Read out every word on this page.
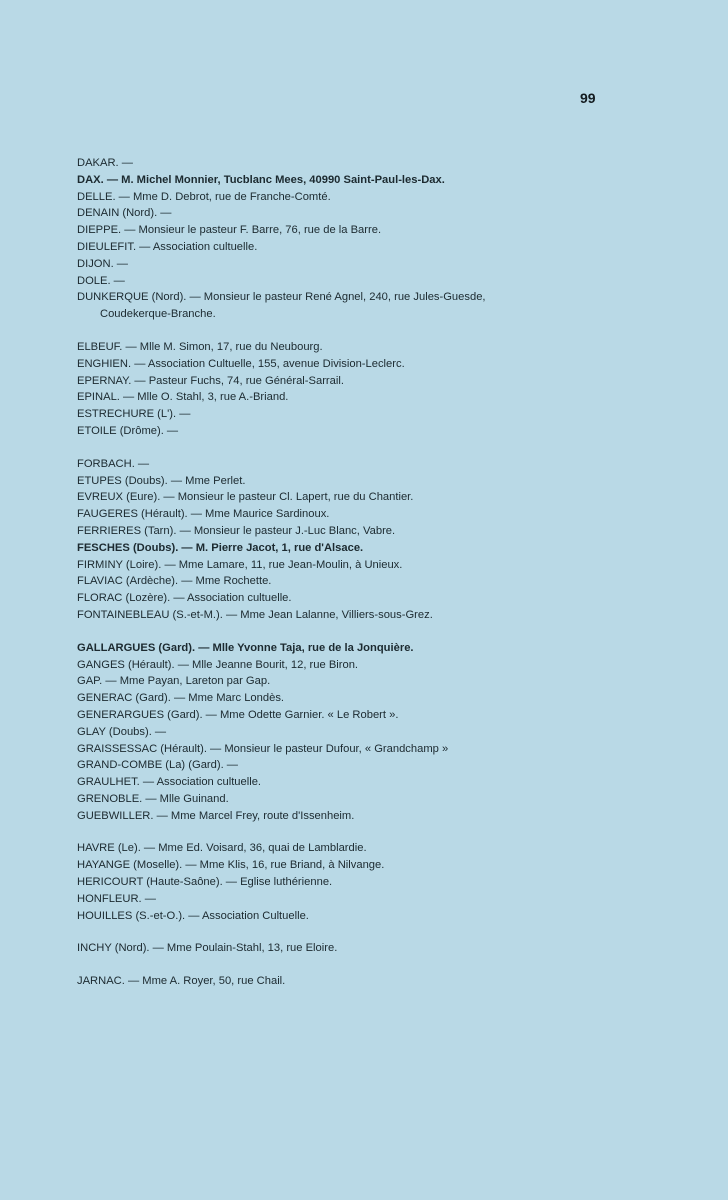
99
DAKAR. —
DAX. — M. Michel Monnier, Tucblanc Mees, 40990 Saint-Paul-les-Dax.
DELLE. — Mme D. Debrot, rue de Franche-Comté.
DENAIN (Nord). —
DIEPPE. — Monsieur le pasteur F. Barre, 76, rue de la Barre.
DIEULEFIT. — Association cultuelle.
DIJON. —
DOLE. —
DUNKERQUE (Nord). — Monsieur le pasteur René Agnel, 240, rue Jules-Guesde,
Coudekerque-Branche.
ELBEUF. — Mlle M. Simon, 17, rue du Neubourg.
ENGHIEN. — Association Cultuelle, 155, avenue Division-Leclerc.
EPERNAY. — Pasteur Fuchs, 74, rue Général-Sarrail.
EPINAL. — Mlle O. Stahl, 3, rue A.-Briand.
ESTRECHURE (L'). —
ETOILE (Drôme). —
FORBACH. —
ETUPES (Doubs). — Mme Perlet.
EVREUX (Eure). — Monsieur le pasteur Cl. Lapert, rue du Chantier.
FAUGERES (Hérault). — Mme Maurice Sardinoux.
FERRIERES (Tarn). — Monsieur le pasteur J.-Luc Blanc, Vabre.
FESCHES (Doubs). — M. Pierre Jacot, 1, rue d'Alsace.
FIRMINY (Loire). — Mme Lamare, 11, rue Jean-Moulin, à Unieux.
FLAVIAC (Ardèche). — Mme Rochette.
FLORAC (Lozère). — Association cultuelle.
FONTAINEBLEAU (S.-et-M.). — Mme Jean Lalanne, Villiers-sous-Grez.
GALLARGUES (Gard). — Mlle Yvonne Taja, rue de la Jonquière.
GANGES (Hérault). — Mlle Jeanne Bourit, 12, rue Biron.
GAP. — Mme Payan, Lareton par Gap.
GENERAC (Gard). — Mme Marc Londès.
GENERARGUES (Gard). — Mme Odette Garnier. « Le Robert ».
GLAY (Doubs). —
GRAISSESSAC (Hérault). — Monsieur le pasteur Dufour, « Grandchamp »
GRAND-COMBE (La) (Gard). —
GRAULHET. — Association cultuelle.
GRENOBLE. — Mlle Guinand.
GUEBWILLER. — Mme Marcel Frey, route d'Issenheim.
HAVRE (Le). — Mme Ed. Voisard, 36, quai de Lamblardie.
HAYANGE (Moselle). — Mme Klis, 16, rue Briand, à Nilvange.
HERICOURT (Haute-Saône). — Eglise luthérienne.
HONFLEUR. —
HOUILLES (S.-et-O.). — Association Cultuelle.
INCHY (Nord). — Mme Poulain-Stahl, 13, rue Eloire.
JARNAC. — Mme A. Royer, 50, rue Chail.
